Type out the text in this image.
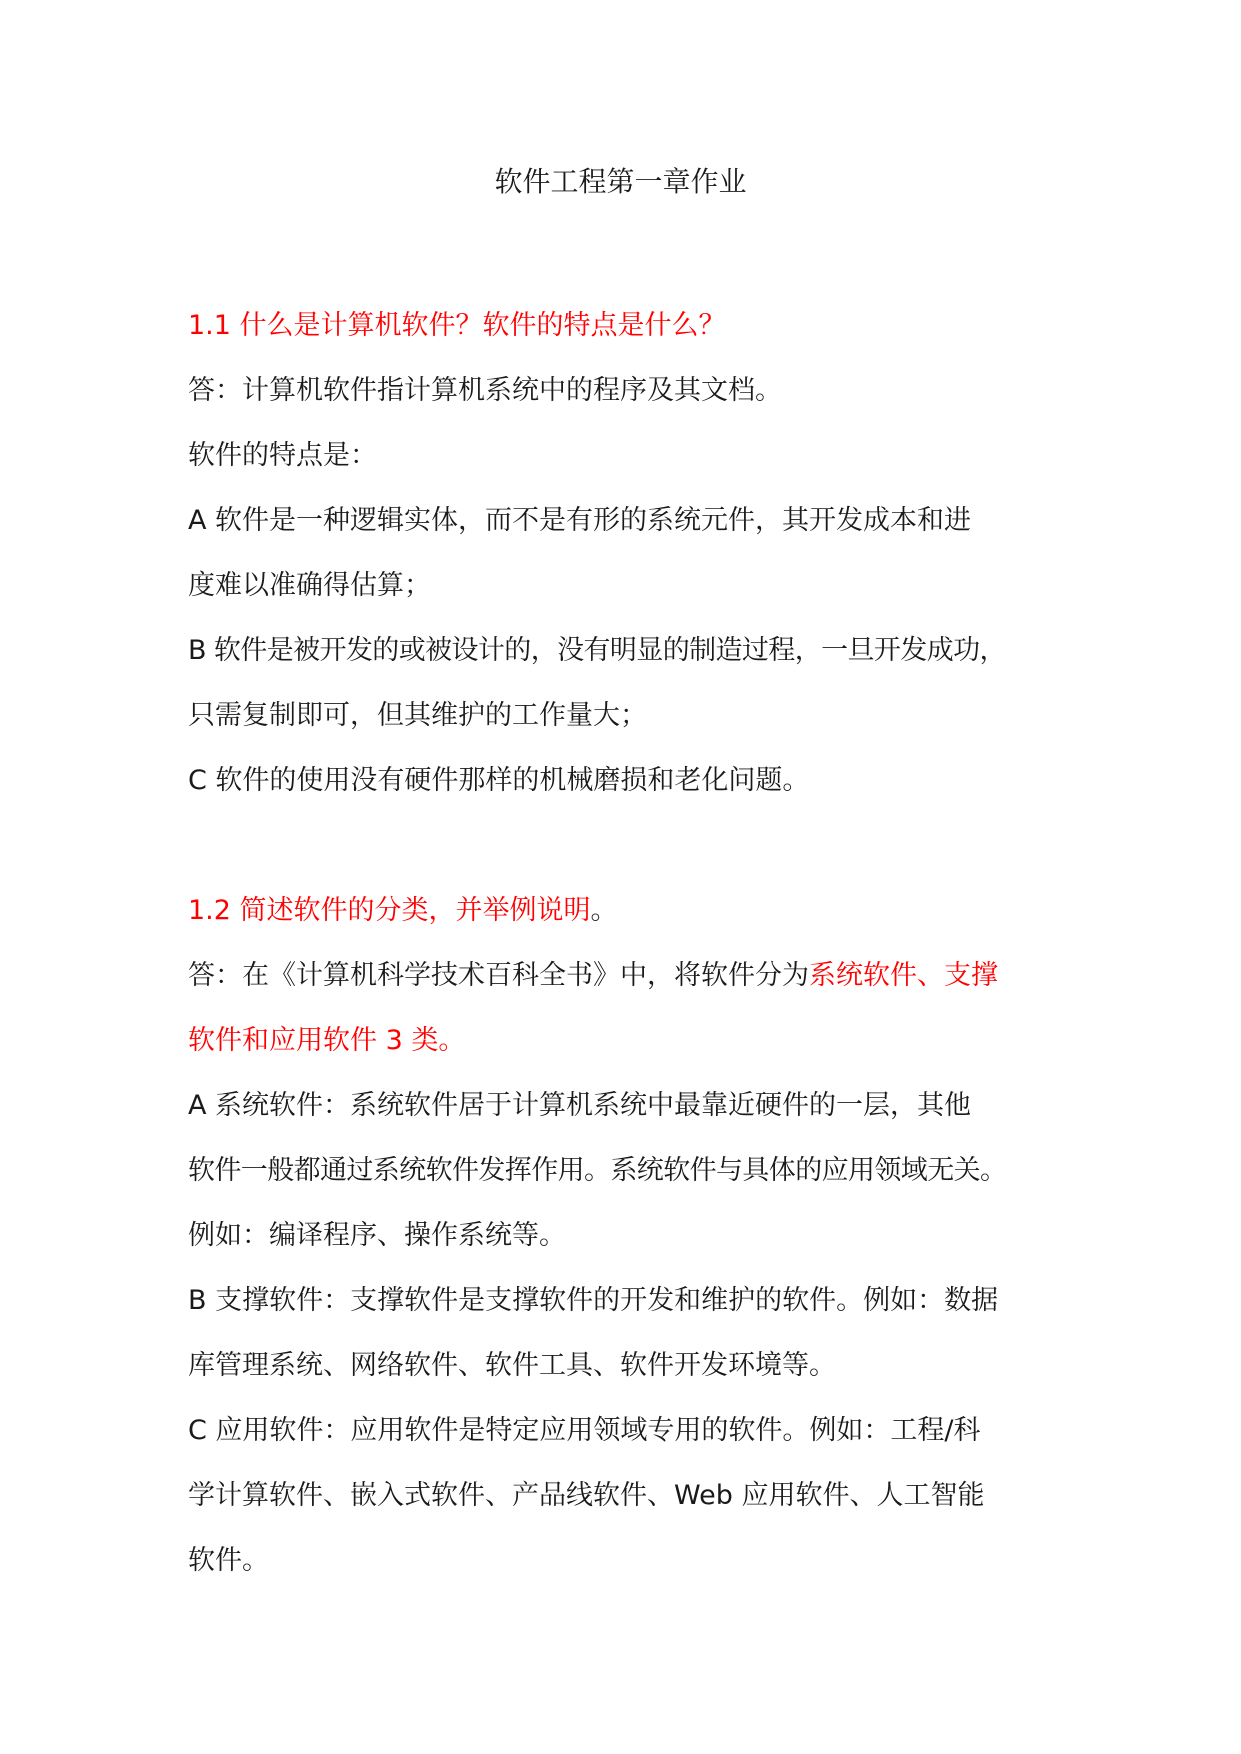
软件工程第一章作业
1.1 什么是计算机软件？软件的特点是什么？
答：计算机软件指计算机系统中的程序及其文档。
软件的特点是：
A 软件是一种逻辑实体，而不是有形的系统元件，其开发成本和进
度难以准确得估算；
B 软件是被开发的或被设计的，没有明显的制造过程，一旦开发成功，
只需复制即可，但其维护的工作量大；
C 软件的使用没有硬件那样的机械磨损和老化问题。
1.2 简述软件的分类，并举例说明。
答：在《计算机科学技术百科全书》中，将软件分为系统软件、支撑
软件和应用软件 3 类。
A 系统软件：系统软件居于计算机系统中最靠近硬件的一层，其他
软件一般都通过系统软件发挥作用。系统软件与具体的应用领域无关。
例如：编译程序、操作系统等。
B 支撑软件：支撑软件是支撑软件的开发和维护的软件。例如：数据
库管理系统、网络软件、软件工具、软件开发环境等。
C 应用软件：应用软件是特定应用领域专用的软件。例如：工程/科
学计算软件、嵌入式软件、产品线软件、Web 应用软件、人工智能
软件。
